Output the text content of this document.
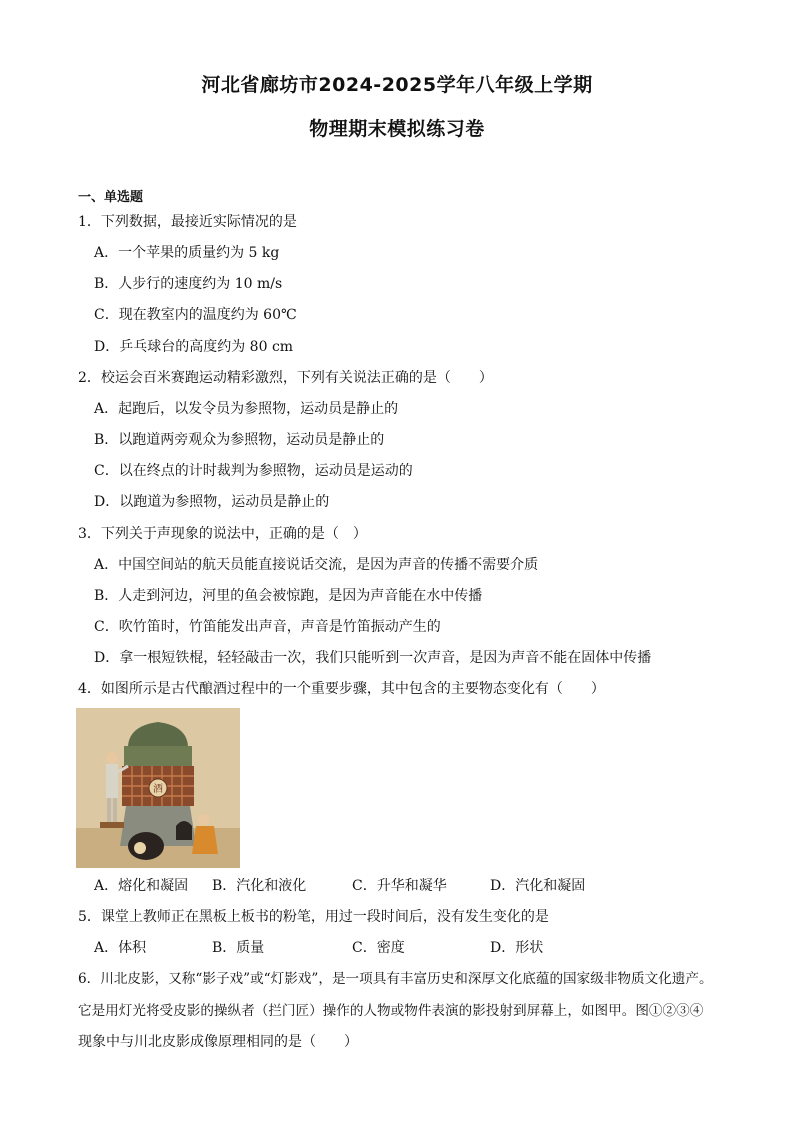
河北省廊坊市2024-2025学年八年级上学期
物理期末模拟练习卷
一、单选题
1．下列数据，最接近实际情况的是
A．一个苹果的质量约为 5 kg
B．人步行的速度约为 10 m/s
C．现在教室内的温度约为 60℃
D．乒乓球台的高度约为 80 cm
2．校运会百米赛跑运动精彩激烈，下列有关说法正确的是（　　）
A．起跑后，以发令员为参照物，运动员是静止的
B．以跑道两旁观众为参照物，运动员是静止的
C．以在终点的计时裁判为参照物，运动员是运动的
D．以跑道为参照物，运动员是静止的
3．下列关于声现象的说法中，正确的是（　）
A．中国空间站的航天员能直接说话交流，是因为声音的传播不需要介质
B．人走到河边，河里的鱼会被惊跑，是因为声音能在水中传播
C．吹竹笛时，竹笛能发出声音，声音是竹笛振动产生的
D．拿一根短铁棍，轻轻敲击一次，我们只能听到一次声音，是因为声音不能在固体中传播
4．如图所示是古代酿酒过程中的一个重要步骤，其中包含的主要物态变化有（　　）
酒
A．熔化和凝固 B．汽化和液化	C．升华和凝华	D．汽化和凝固
5．课堂上教师正在黑板上板书的粉笔，用过一段时间后，没有发生变化的是
A．体积	B．质量	C．密度	D．形状
6．川北皮影，又称“影子戏”或“灯影戏”，是一项具有丰富历史和深厚文化底蕴的国家级非物质文化遗产。
它是用灯光将受皮影的操纵者（拦门匠）操作的人物或物件表演的影投射到屏幕上，如图甲。图①②③④
现象中与川北皮影成像原理相同的是（　　）
